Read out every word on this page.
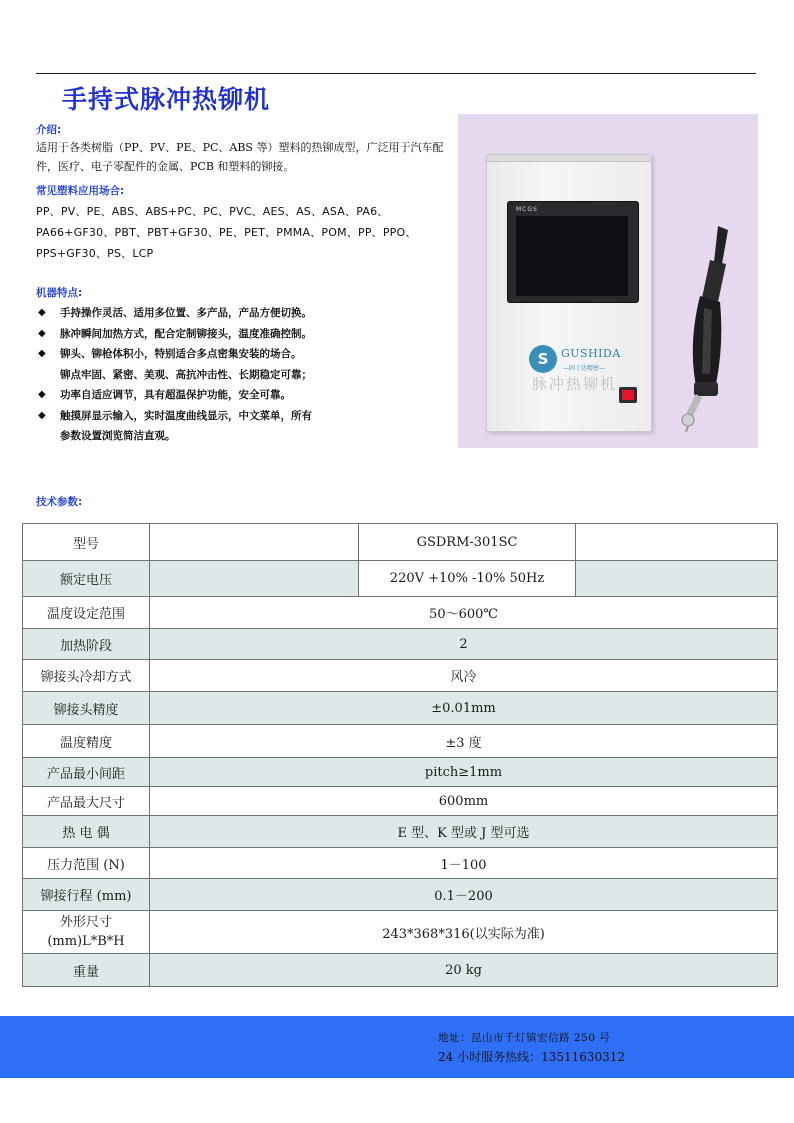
手持式脉冲热铆机
介绍:

适用于各类树脂（PP、PV、PE、PC、ABS 等）塑料的热铆成型，广泛用于汽车配件，医疗、电子零配件的金属、PCB 和塑料的铆接。

常见塑料应用场合:

PP、PV、PE、ABS、ABS+PC、PC、PVC、AES、AS、ASA、PA6、PA66+GF30、PBT、PBT+GF30、PE、PET、PMMA、POM、PP、PPO、PPS+GF30、PS、LCP

机器特点:
◆ 手持操作灵活、适用多位置、多产品，产品方便切换。
◆ 脉冲瞬间加热方式，配合定制铆接头，温度准确控制。
◆ 铆头、铆枪体积小，特别适合多点密集安装的场合。
铆点牢固、紧密、美观、高抗冲击性、长期稳定可靠；
◆ 功率自适应调节，具有超温保护功能，安全可靠。
◆ 触摸屏显示输入，实时温度曲线显示，中文菜单，所有
参数设置浏览简洁直观。
MCGS
S	GUSHIDA
—固士达精密—
脉冲热铆机
技术参数:
型号		GSDRM-301SC	
额定电压		220V +10% -10% 50Hz	
温度设定范围	50～600℃		
加热阶段	2		
铆接头冷却方式	风冷		
铆接头精度	±0.01mm		
温度精度	±3 度		
产品最小间距	pitch≥1mm		
产品最大尺寸	600mm		
热 电 偶	E 型、K 型或 J 型可选		
压力范围 (N)	1－100		
铆接行程 (mm)	0.1－200		
外形尺寸
(mm)L*B*H	243*368*316(以实际为准)		
重量	20 kg		
地址：昆山市千灯镇宏信路 250 号
24 小时服务热线：13511630312
